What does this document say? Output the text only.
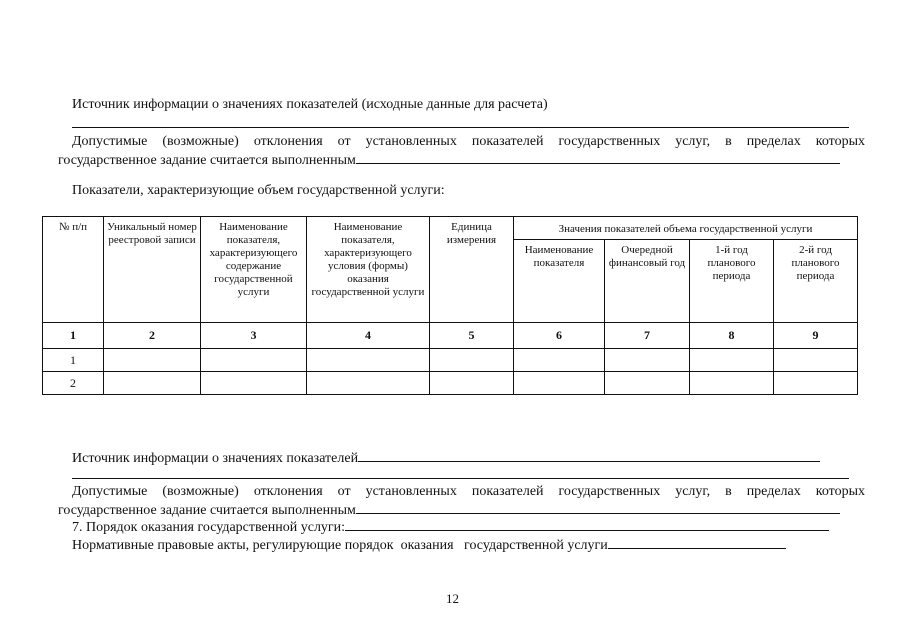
Источник информации о значениях показателей (исходные данные для расчета)
Допустимые (возможные) отклонения от установленных показателей государственных услуг, в пределах которых
государственное задание считается выполненным
Показатели, характеризующие объем государственной услуги:
№ п/п	Уникальный номер реестровой записи	Наименование показателя, характеризующего содержание государственной услуги	Наименование показателя, характеризующего условия (формы) оказания государственной услуги	Единица измерения	Значения показателей объема государственной услуги			
					Наименование показателя	Очередной финансовый год	1-й год планового периода	2-й год планового периода
1	2	3	4	5	6	7	8	9
1								
2								
Источник информации о значениях показателей
Допустимые (возможные) отклонения от установленных показателей государственных услуг, в пределах которых
государственное задание считается выполненным
7. Порядок оказания государственной услуги:
Нормативные правовые акты, регулирующие порядок  оказания   государственной услуги
12
